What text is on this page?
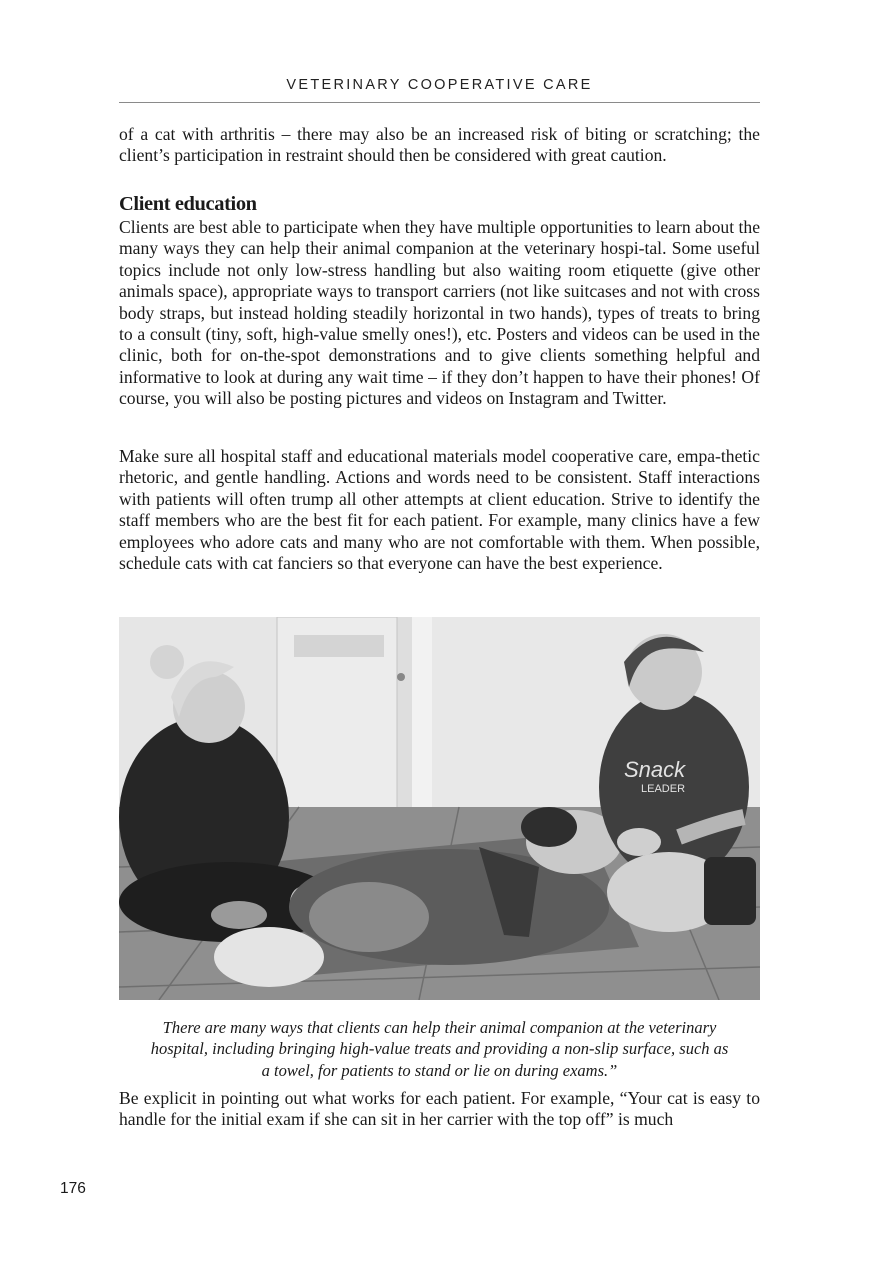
VETERINARY COOPERATIVE CARE
of a cat with arthritis – there may also be an increased risk of biting or scratching; the client’s participation in restraint should then be considered with great caution.
Client education
Clients are best able to participate when they have multiple opportunities to learn about the many ways they can help their animal companion at the veterinary hospi-tal. Some useful topics include not only low-stress handling but also waiting room etiquette (give other animals space), appropriate ways to transport carriers (not like suitcases and not with cross body straps, but instead holding steadily horizontal in two hands), types of treats to bring to a consult (tiny, soft, high-value smelly ones!), etc. Posters and videos can be used in the clinic, both for on-the-spot demonstrations and to give clients something helpful and informative to look at during any wait time – if they don’t happen to have their phones! Of course, you will also be posting pictures and videos on Instagram and Twitter.
Make sure all hospital staff and educational materials model cooperative care, empa-thetic rhetoric, and gentle handling. Actions and words need to be consistent. Staff interactions with patients will often trump all other attempts at client education. Strive to identify the staff members who are the best fit for each patient. For example, many clinics have a few employees who adore cats and many who are not comfortable with them. When possible, schedule cats with cat fanciers so that everyone can have the best experience.
Snack
LEADER
There are many ways that clients can help their animal companion at the veterinary hospital, including bringing high-value treats and providing a non-slip surface, such as a towel, for patients to stand or lie on during exams.”
Be explicit in pointing out what works for each patient. For example, “Your cat is easy to handle for the initial exam if she can sit in her carrier with the top off” is much
176
